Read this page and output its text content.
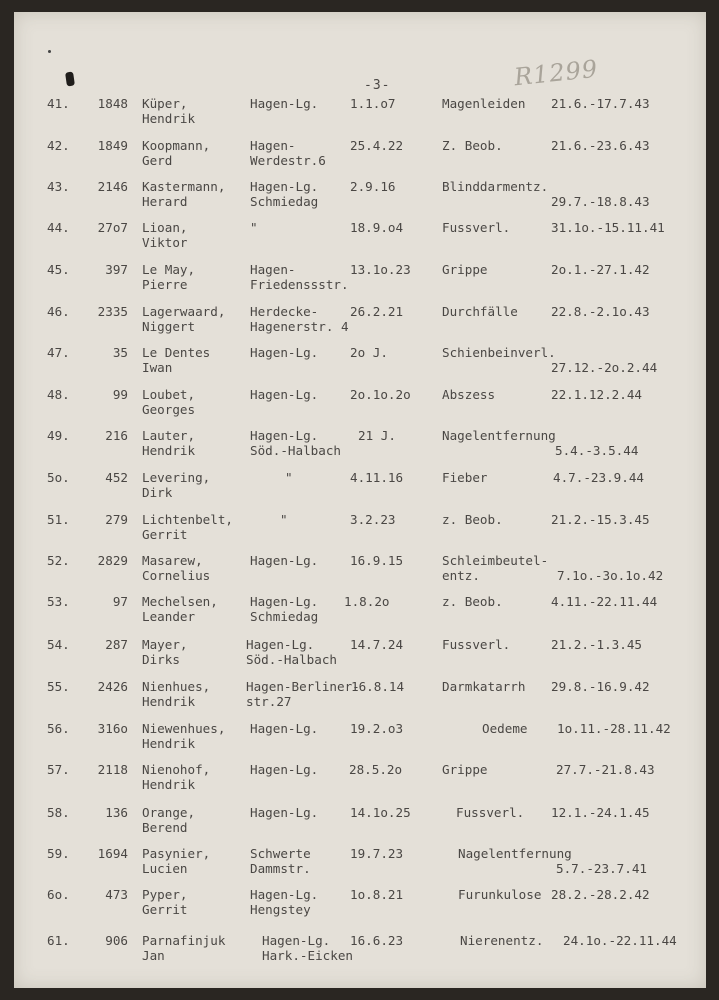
-3-	R1299
41.	1848 Küper,
Hendrik
Hagen-Lg.	1.1.o7	Magenleiden 21.6.-17.7.43
42.	1849 Koopmann,
Gerd
Hagen-
Werdestr.6
25.4.22	Z. Beob.	21.6.-23.6.43
43.	2146 Kastermann,
Herard
Hagen-Lg.
Schmiedag
2.9.16	Blinddarmentz.
29.7.-18.8.43
44.	27o7 Lioan,
Viktor
"	18.9.o4	Fussverl.	31.1o.-15.11.41
45.	397 Le May,
Pierre
Hagen-
Friedenssstr.
13.1o.23 Grippe	2o.1.-27.1.42
46.	2335 Lagerwaard,
Niggert
Herdecke-
Hagenerstr. 4
26.2.21	Durchfälle	22.8.-2.1o.43
47.	35 Le Dentes
Iwan
Hagen-Lg.	2o J.	Schienbeinverl.
27.12.-2o.2.44
48.	99 Loubet,
Georges
Hagen-Lg.	2o.1o.2o Abszess	22.1.12.2.44
49.	216 Lauter,
Hendrik
Hagen-Lg.
Söd.-Halbach
21 J.	Nagelentfernung
5.4.-3.5.44
5o.	452 Levering,
Dirk
"	4.11.16	Fieber	4.7.-23.9.44
51.	279 Lichtenbelt,
Gerrit
"	3.2.23	z. Beob.	21.2.-15.3.45
52.	2829 Masarew,
Cornelius
Hagen-Lg.	16.9.15	Schleimbeutel-
entz.	7.1o.-3o.1o.42
53.	97 Mechelsen,
Leander
Hagen-Lg.
Schmiedag
1.8.2o	z. Beob.	4.11.-22.11.44
54.	287 Mayer,
Dirks
Hagen-Lg.
Söd.-Halbach
14.7.24	Fussverl.	21.2.-1.3.45
55.	2426 Nienhues,
Hendrik
Hagen-Berliner-
str.27
16.8.14	Darmkatarrh 29.8.-16.9.42
56.	316o Niewenhues,
Hendrik
Hagen-Lg.	19.2.o3	Oedeme 1o.11.-28.11.42
57.	2118 Nienohof,
Hendrik
Hagen-Lg. 28.5.2o	Grippe	27.7.-21.8.43
58.	136 Orange,
Berend
Hagen-Lg.	14.1o.25	Fussverl. 12.1.-24.1.45
59.	1694 Pasynier,
Lucien
Schwerte
Dammstr.
19.7.23	Nagelentfernung
5.7.-23.7.41
6o.	473 Pyper,
Gerrit
Hagen-Lg.
Hengstey
1o.8.21	Furunkulose 28.2.-28.2.42
61.	906 Parnafinjuk
Jan
Hagen-Lg.
Hark.-Eicken
16.6.23	Nierenentz. 24.1o.-22.11.44
